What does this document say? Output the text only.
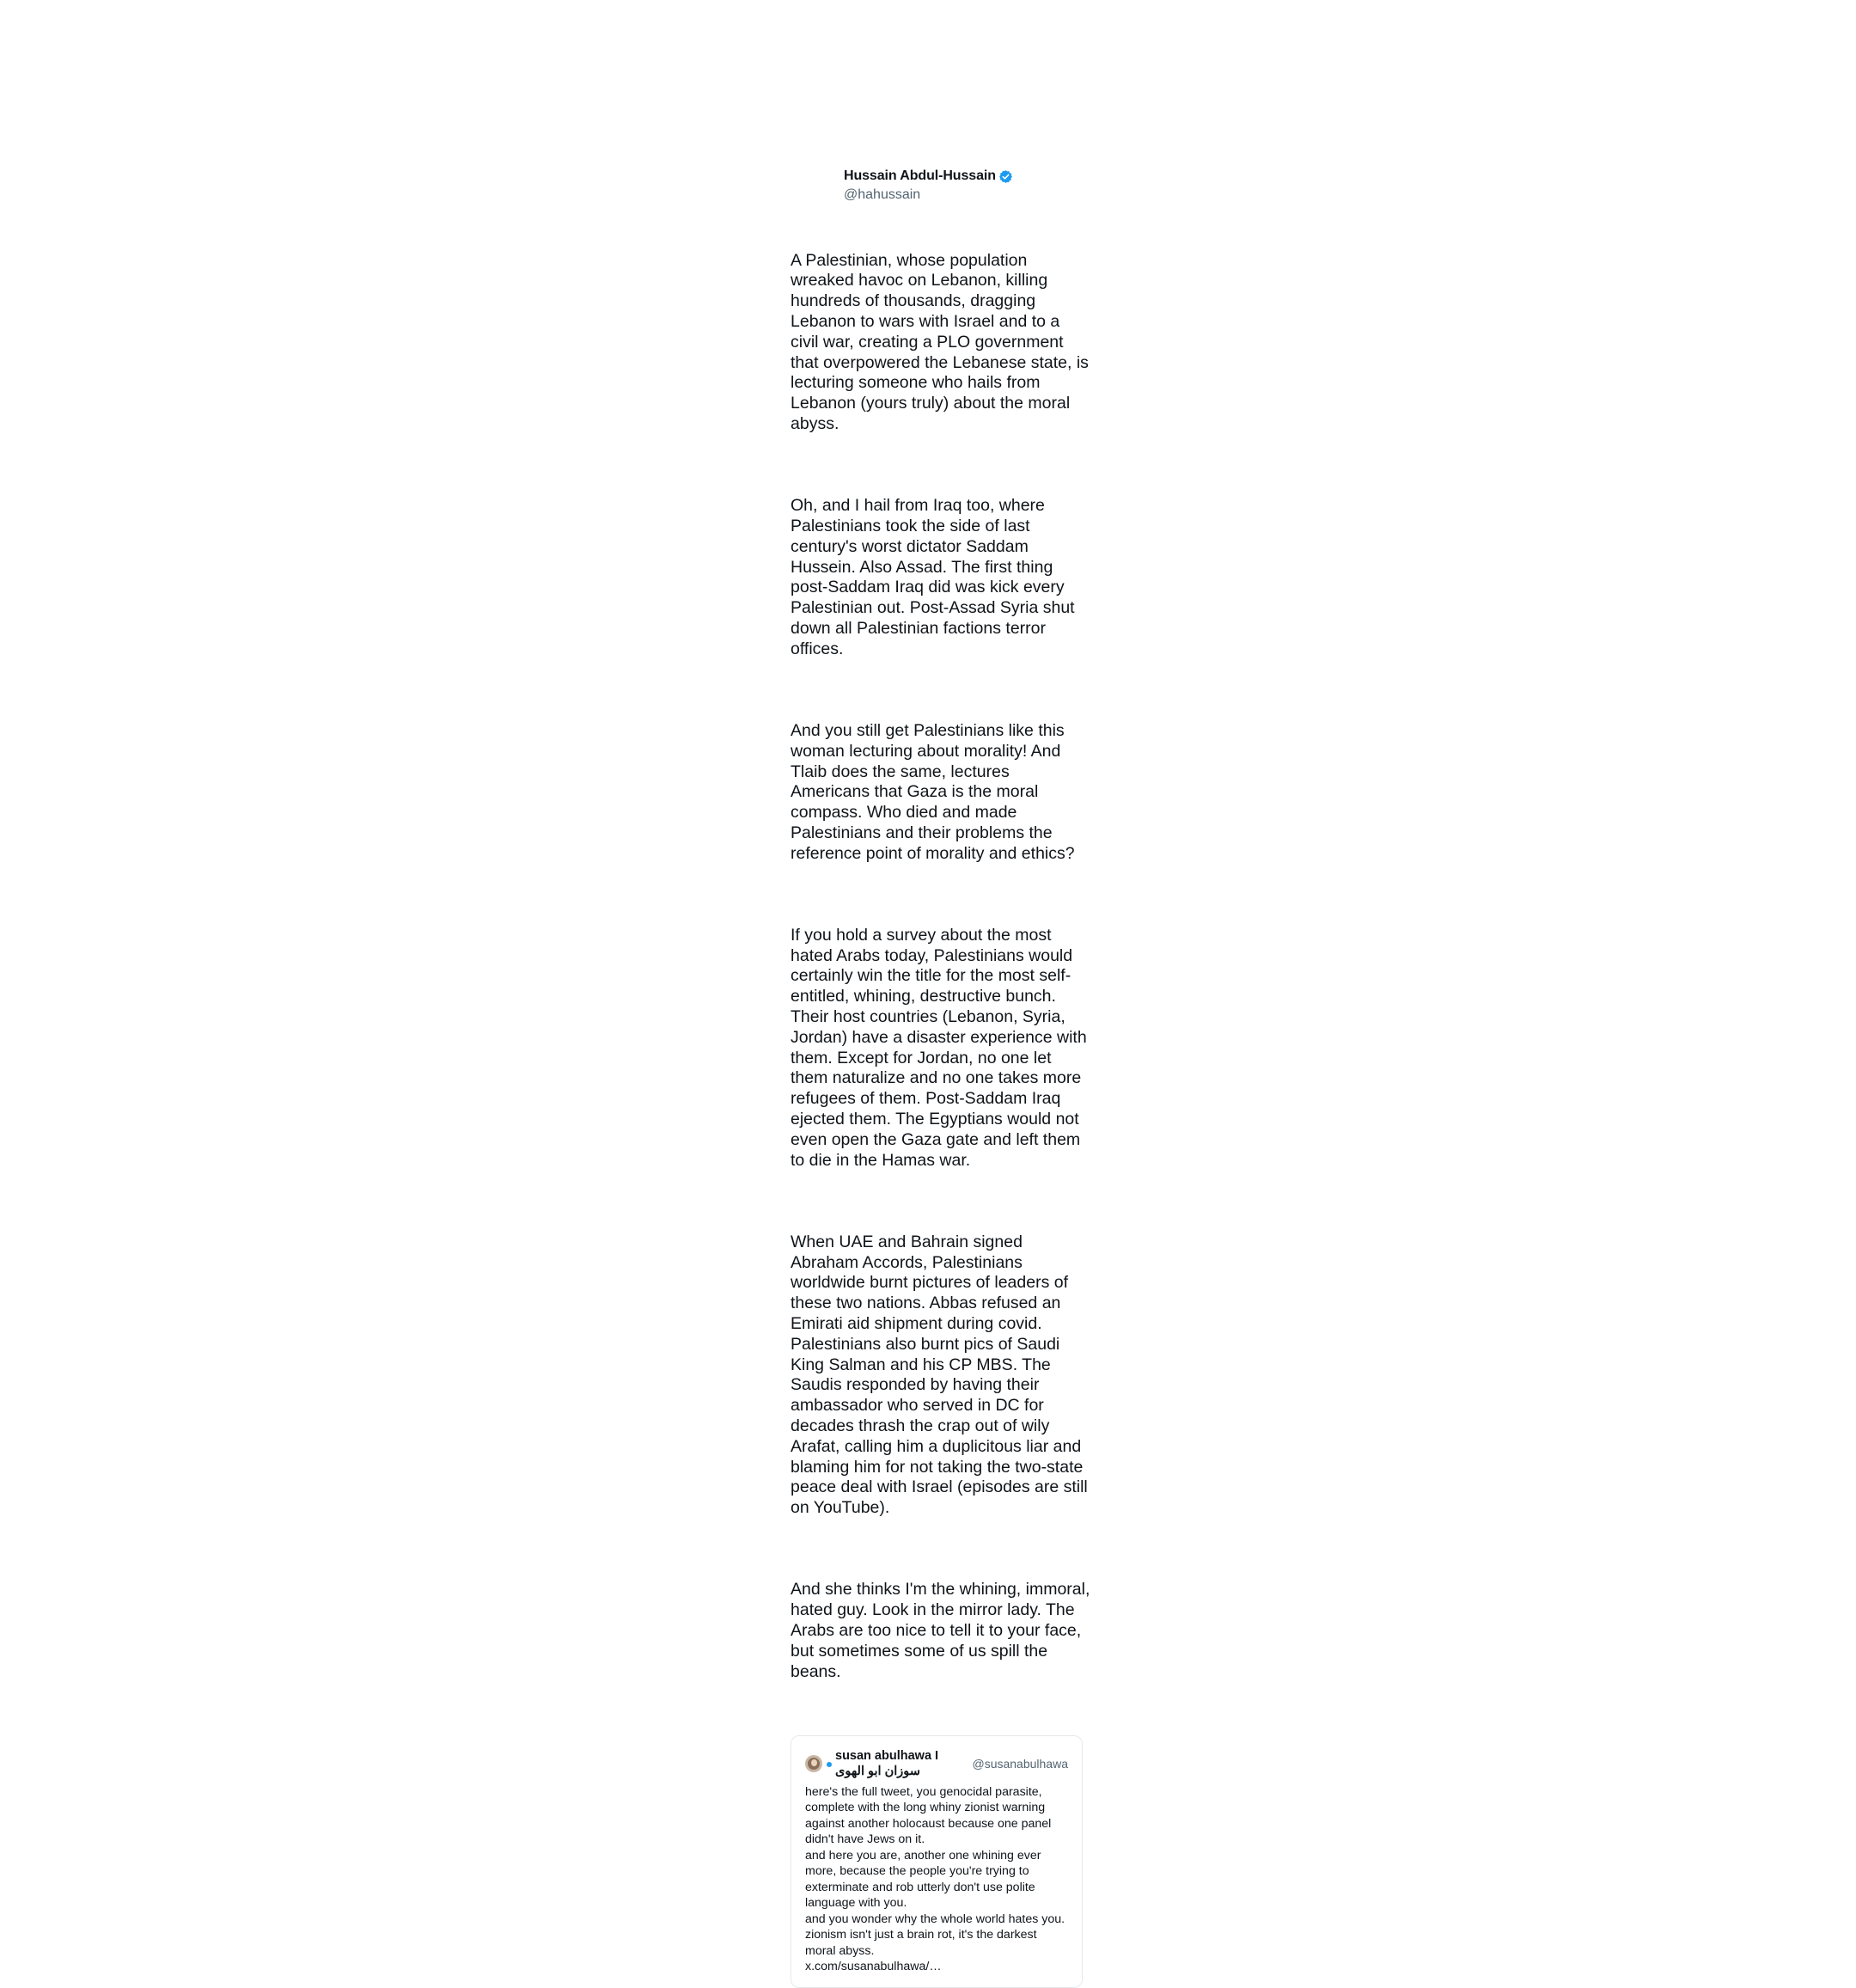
Hussain Abdul-Hussain
@hahussain

A Palestinian, whose population wreaked havoc on Lebanon, killing hundreds of thousands, dragging Lebanon to wars with Israel and to a civil war, creating a PLO government that overpowered the Lebanese state, is lecturing someone who hails from Lebanon (yours truly) about the moral abyss.

Oh, and I hail from Iraq too, where Palestinians took the side of last century's worst dictator Saddam Hussein. Also Assad. The first thing post-Saddam Iraq did was kick every Palestinian out. Post-Assad Syria shut down all Palestinian factions terror offices.

And you still get Palestinians like this woman lecturing about morality! And Tlaib does the same, lectures Americans that Gaza is the moral compass. Who died and made Palestinians and their problems the reference point of morality and ethics?

If you hold a survey about the most hated Arabs today, Palestinians would certainly win the title for the most self-entitled, whining, destructive bunch. Their host countries (Lebanon, Syria, Jordan) have a disaster experience with them. Except for Jordan, no one let them naturalize and no one takes more refugees of them. Post-Saddam Iraq ejected them. The Egyptians would not even open the Gaza gate and left them to die in the Hamas war.

When UAE and Bahrain signed Abraham Accords, Palestinians worldwide burnt pictures of leaders of these two nations. Abbas refused an Emirati aid shipment during covid. Palestinians also burnt pics of Saudi King Salman and his CP MBS. The Saudis responded by having their ambassador who served in DC for decades thrash the crap out of wily Arafat, calling him a duplicitous liar and blaming him for not taking the two-state peace deal with Israel (episodes are still on YouTube).

And she thinks I'm the whining, immoral, hated guy. Look in the mirror lady. The Arabs are too nice to tell it to your face, but sometimes some of us spill the beans.

susan abulhawa I
سوزان ابو الهوى
@susanabulhawa
here's the full tweet, you genocidal parasite, complete with the long whiny zionist warning against another holocaust because one panel didn't have Jews on it.
and here you are, another one whining ever more, because the people you're trying to exterminate and rob utterly don't use polite language with you.
and you wonder why the whole world hates you. zionism isn't just a brain rot, it's the darkest moral abyss.
x.com/susanabulhawa/…
